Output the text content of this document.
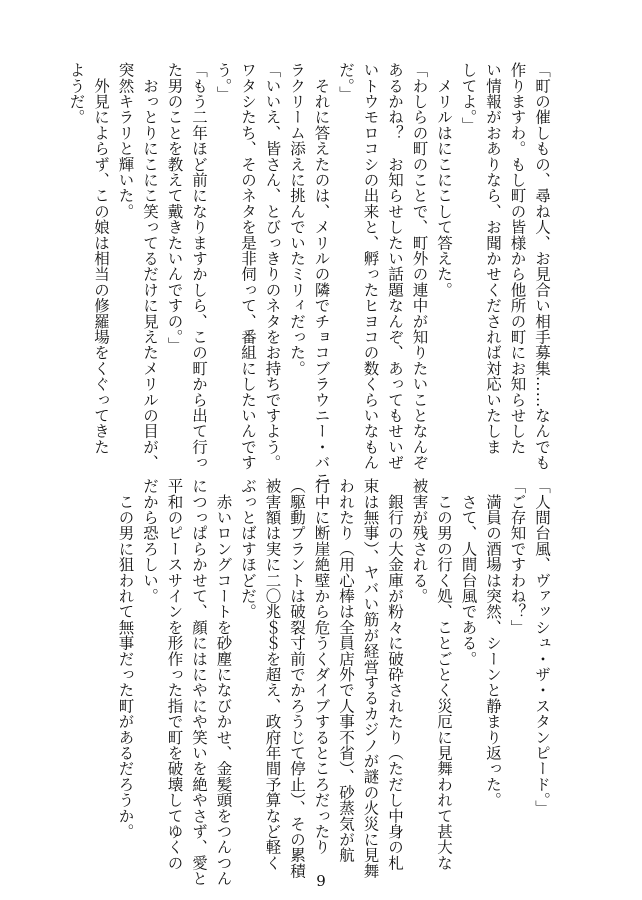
「町の催しもの、尋ね人、お見合い相手募集……なんでも

作りますわ。もし町の皆様から他所の町にお知らせした

い情報がおありなら、お聞かせくだされば対応いたしま

してよ。」

　メリルはにこにこして答えた。

「わしらの町のことで、町外の連中が知りたいことなんぞ

あるかね？　お知らせしたい話題なんぞ、あってもせいぜ

いトウモロコシの出来と、孵ったヒヨコの数くらいなもん

だ。」

　それに答えたのは、メリルの隣でチョコブラウニー・バニ

ラクリーム添えに挑んでいたミリィだった。

「いいえ、皆さん、とびっきりのネタをお持ちですよう。

ワタシたち、そのネタを是非伺って、番組にしたいんです

う。」

「もう二年ほど前になりますかしら、この町から出て行っ

た男のことを教えて戴きたいんですの。」

　おっとりにこにこ笑ってるだけに見えたメリルの目が、

突然キラリと輝いた。

　外見によらず、この娘は相当の修羅場をくぐってきた

ようだ。

「人間台風、ヴァッシュ・ザ・スタンピード。」

「ご存知ですわね？」

　満員の酒場は突然、シーンと静まり返った。

　さて、人間台風である。

　この男の行く処、ことごとく災厄に見舞われて甚大な

被害が残される。

　銀行の大金庫が粉々に破砕されたり（ただし中身の札

束は無事）、ヤバい筋が経営するカジノが謎の火災に見舞

われたり（用心棒は全員店外で人事不省）、砂蒸気が航

行中に断崖絶壁から危うくダイブするところだったり

（駆動プラントは破裂寸前でかろうじて停止）、その累積

被害額は実に二〇兆＄＄を超え、政府年間予算など軽く

ぶっとばすほどだ。

　赤いロングコートを砂塵になびかせ、金髪頭をつんつん

につっぱらかせて、顔にはにやにや笑いを絶やさず、愛と

平和のピースサインを形作った指で町を破壊してゆくの

だから恐ろしい。

　この男に狙われて無事だった町があるだろうか。

9
